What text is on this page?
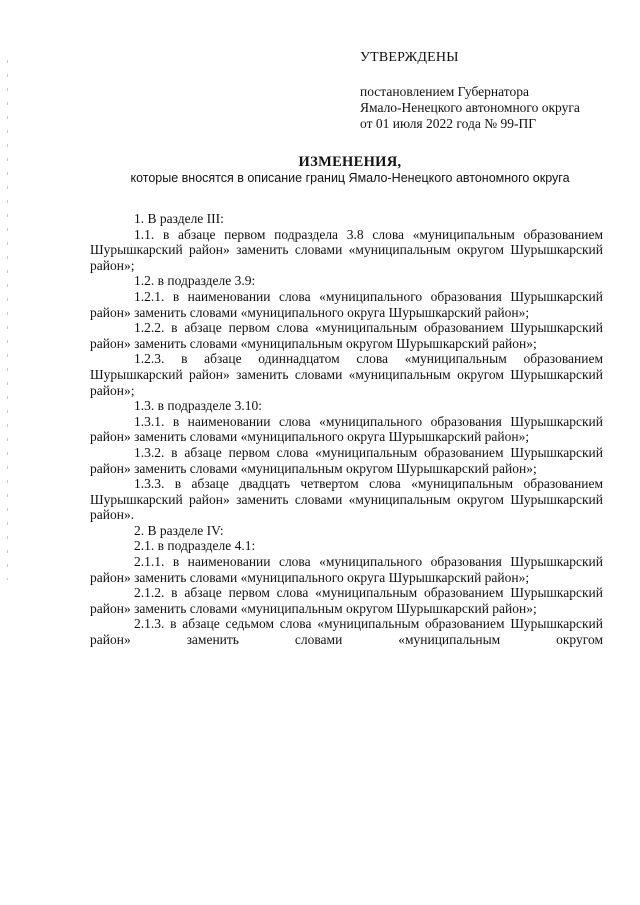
УТВЕРЖДЕНЫ
постановлением Губернатора
Ямало-Ненецкого автономного округа
от 01 июля 2022 года № 99-ПГ
ИЗМЕНЕНИЯ,
которые вносятся в описание границ Ямало-Ненецкого автономного округа

1. В разделе III:

1.1. в абзаце первом подраздела 3.8 слова «муниципальным образованием Шурышкарский район» заменить словами «муниципальным округом Шурышкарский район»;

1.2. в подразделе 3.9:

1.2.1. в наименовании слова «муниципального образования Шурышкарский район» заменить словами «муниципального округа Шурышкарский район»;

1.2.2. в абзаце первом слова «муниципальным образованием Шурышкарский район» заменить словами «муниципальным округом Шурышкарский район»;

1.2.3. в абзаце одиннадцатом слова «муниципальным образованием Шурышкарский район» заменить словами «муниципальным округом Шурышкарский район»;

1.3. в подразделе 3.10:

1.3.1. в наименовании слова «муниципального образования Шурышкарский район» заменить словами «муниципального округа Шурышкарский район»;

1.3.2. в абзаце первом слова «муниципальным образованием Шурышкарский район» заменить словами «муниципальным округом Шурышкарский район»;

1.3.3. в абзаце двадцать четвертом слова «муниципальным образованием Шурышкарский район» заменить словами «муниципальным округом Шурышкарский район».

2. В разделе IV:

2.1. в подразделе 4.1:

2.1.1. в наименовании слова «муниципального образования Шурышкарский район» заменить словами «муниципального округа Шурышкарский район»;

2.1.2. в абзаце первом слова «муниципальным образованием Шурышкарский район» заменить словами «муниципальным округом Шурышкарский район»;

2.1.3. в абзаце седьмом слова «муниципальным образованием Шурышкарский район» заменить словами «муниципальным округом
